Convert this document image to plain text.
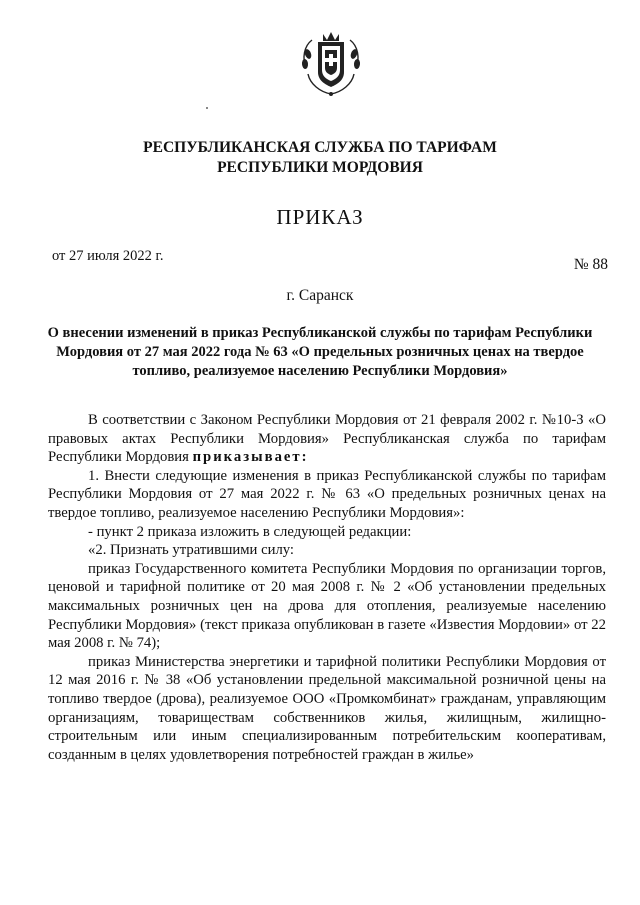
РЕСПУБЛИКАНСКАЯ СЛУЖБА ПО ТАРИФАМ
РЕСПУБЛИКИ МОРДОВИЯ
ПРИКАЗ
от 27 июля 2022 г.	№ 88
г. Саранск
О внесении изменений в приказ Республиканской службы по тарифам Республики Мордовия от 27 мая 2022 года № 63 «О предельных розничных ценах на твердое топливо, реализуемое населению Республики Мордовия»

В соответствии с Законом Республики Мордовия от 21 февраля 2002 г. №10-З «О правовых актах Республики Мордовия» Республиканская служба по тарифам Республики Мордовия приказывает:

1. Внести следующие изменения в приказ Республиканской службы по тарифам Республики Мордовия от 27 мая 2022 г. № 63 «О предельных розничных ценах на твердое топливо, реализуемое населению Республики Мордовия»:

- пункт 2 приказа изложить в следующей редакции:

«2. Признать утратившими силу:

приказ Государственного комитета Республики Мордовия по организации торгов, ценовой и тарифной политике от 20 мая 2008 г. № 2 «Об установлении предельных максимальных розничных цен на дрова для отопления, реализуемые населению Республики Мордовия» (текст приказа опубликован в газете «Известия Мордовии» от 22 мая 2008 г. № 74);

приказ Министерства энергетики и тарифной политики Республики Мордовия от 12 мая 2016 г. № 38 «Об установлении предельной максимальной розничной цены на топливо твердое (дрова), реализуемое ООО «Промкомбинат» гражданам, управляющим организациям, товариществам собственников жилья, жилищным, жилищно-строительным или иным специализированным потребительским кооперативам, созданным в целях удовлетворения потребностей граждан в жилье»
